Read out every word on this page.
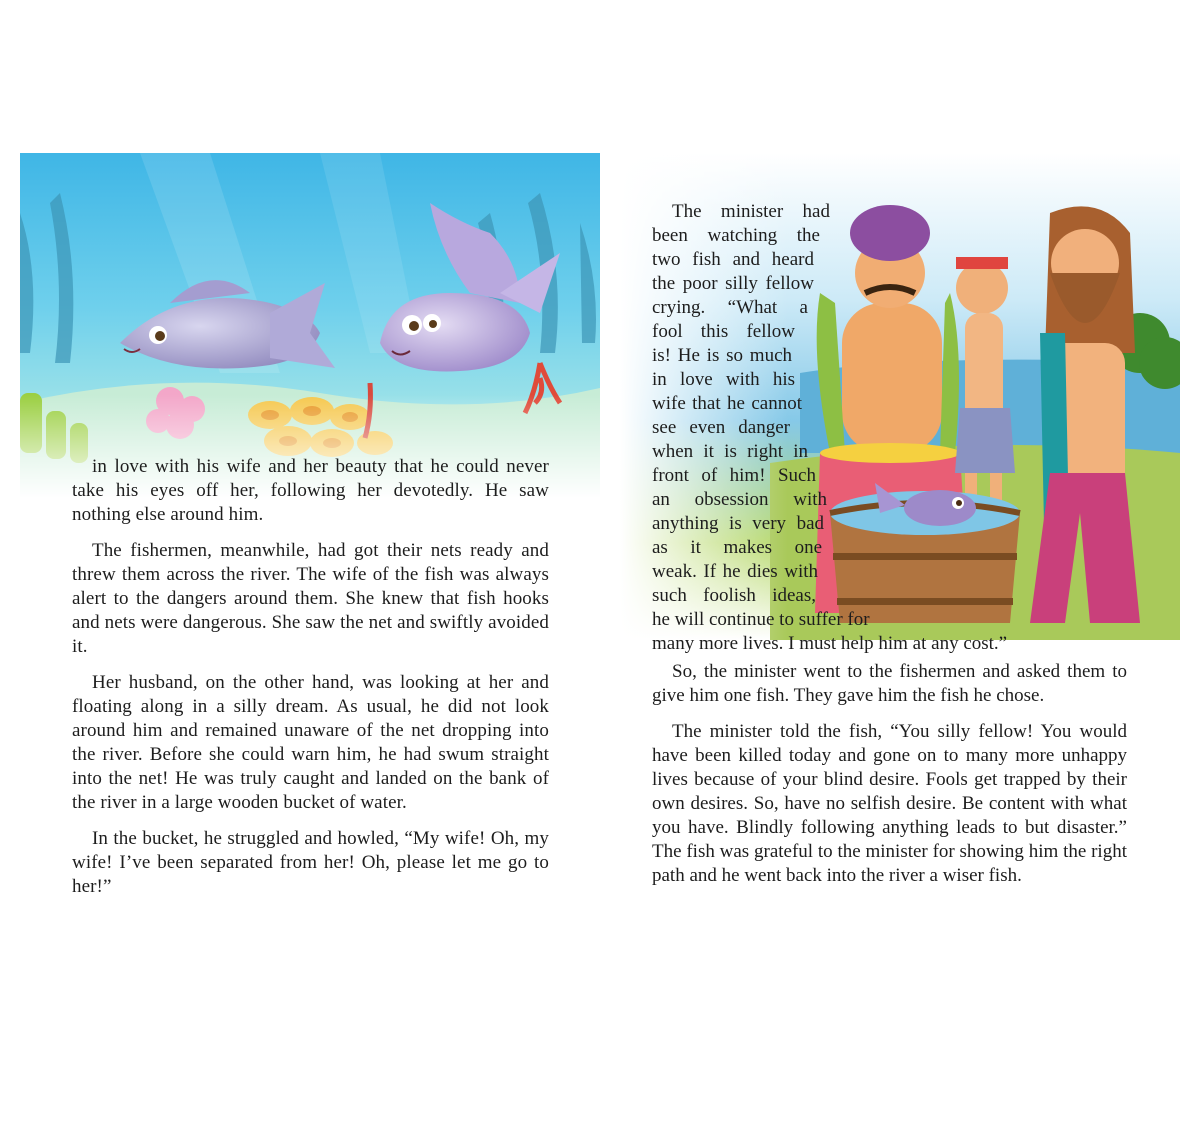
in love with his wife and her beauty that he could never take his eyes off her, following her devotedly. He saw nothing else around him.

The fishermen, meanwhile, had got their nets ready and threw them across the river. The wife of the fish was always alert to the dangers around them. She knew that fish hooks and nets were dangerous. She saw the net and swiftly avoided it.

Her husband, on the other hand, was looking at her and floating along in a silly dream. As usual, he did not look around him and remained unaware of the net dropping into the river. Before she could warn him, he had swum straight into the net! He was truly caught and landed on the bank of the river in a large wooden bucket of water.

In the bucket, he struggled and howled, “My wife! Oh, my wife! I’ve been separated from her! Oh, please let me go to her!”

The minister had
been watching the
two fish and heard
the poor silly fellow
crying. “What a
fool this fellow
is! He is so much
in love with his
wife that he cannot
see even danger
when it is right in
front of him! Such
an obsession with
anything is very bad
as it makes one
weak. If he dies with
such foolish ideas,
he will continue to suffer for
many more lives. I must help him at any cost.”

So, the minister went to the fishermen and asked them to give him one fish. They gave him the fish he chose.

The minister told the fish, “You silly fellow! You would have been killed today and gone on to many more unhappy lives because of your blind desire. Fools get trapped by their own desires. So, have no selfish desire. Be content with what you have. Blindly following anything leads to but disaster.” The fish was grateful to the minister for showing him the right path and he went back into the river a wiser fish.
